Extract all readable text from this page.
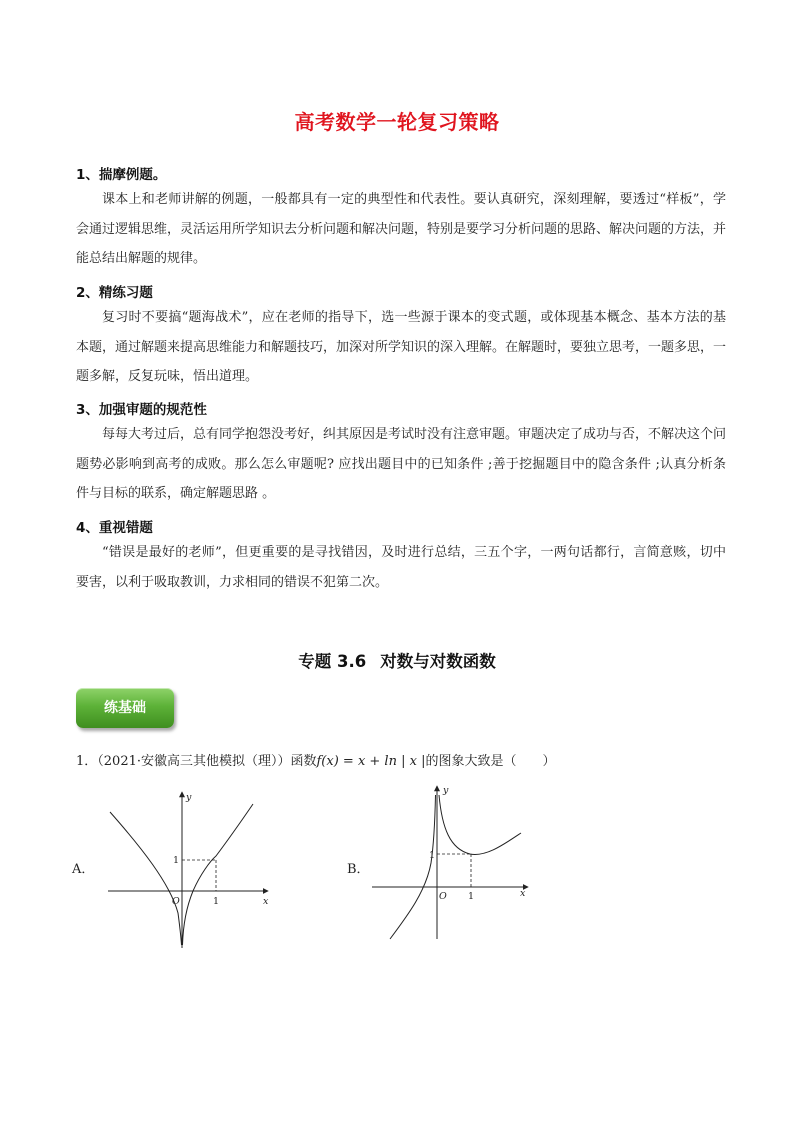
高考数学一轮复习策略
1、揣摩例题。
课本上和老师讲解的例题，一般都具有一定的典型性和代表性。要认真研究，深刻理解，要透过“样板”，学会通过逻辑思维，灵活运用所学知识去分析问题和解决问题，特别是要学习分析问题的思路、解决问题的方法，并能总结出解题的规律。
2、精练习题
复习时不要搞“题海战术”，应在老师的指导下，选一些源于课本的变式题，或体现基本概念、基本方法的基本题，通过解题来提高思维能力和解题技巧，加深对所学知识的深入理解。在解题时，要独立思考，一题多思，一题多解，反复玩味，悟出道理。
3、加强审题的规范性
每每大考过后，总有同学抱怨没考好，纠其原因是考试时没有注意审题。审题决定了成功与否，不解决这个问题势必影响到高考的成败。那么怎么审题呢? 应找出题目中的已知条件 ;善于挖掘题目中的隐含条件 ;认真分析条件与目标的联系，确定解题思路 。
4、重视错题
“错误是最好的老师”，但更重要的是寻找错因，及时进行总结，三五个字，一两句话都行，言简意赅，切中要害，以利于吸取教训，力求相同的错误不犯第二次。
专题 3.6 对数与对数函数
练基础
1．（2021·安徽高三其他模拟（理））函数f(x) = x + ln | x |的图象大致是（ ）
A．
y
x
O	1
1
B．
y
x
O 1
1
